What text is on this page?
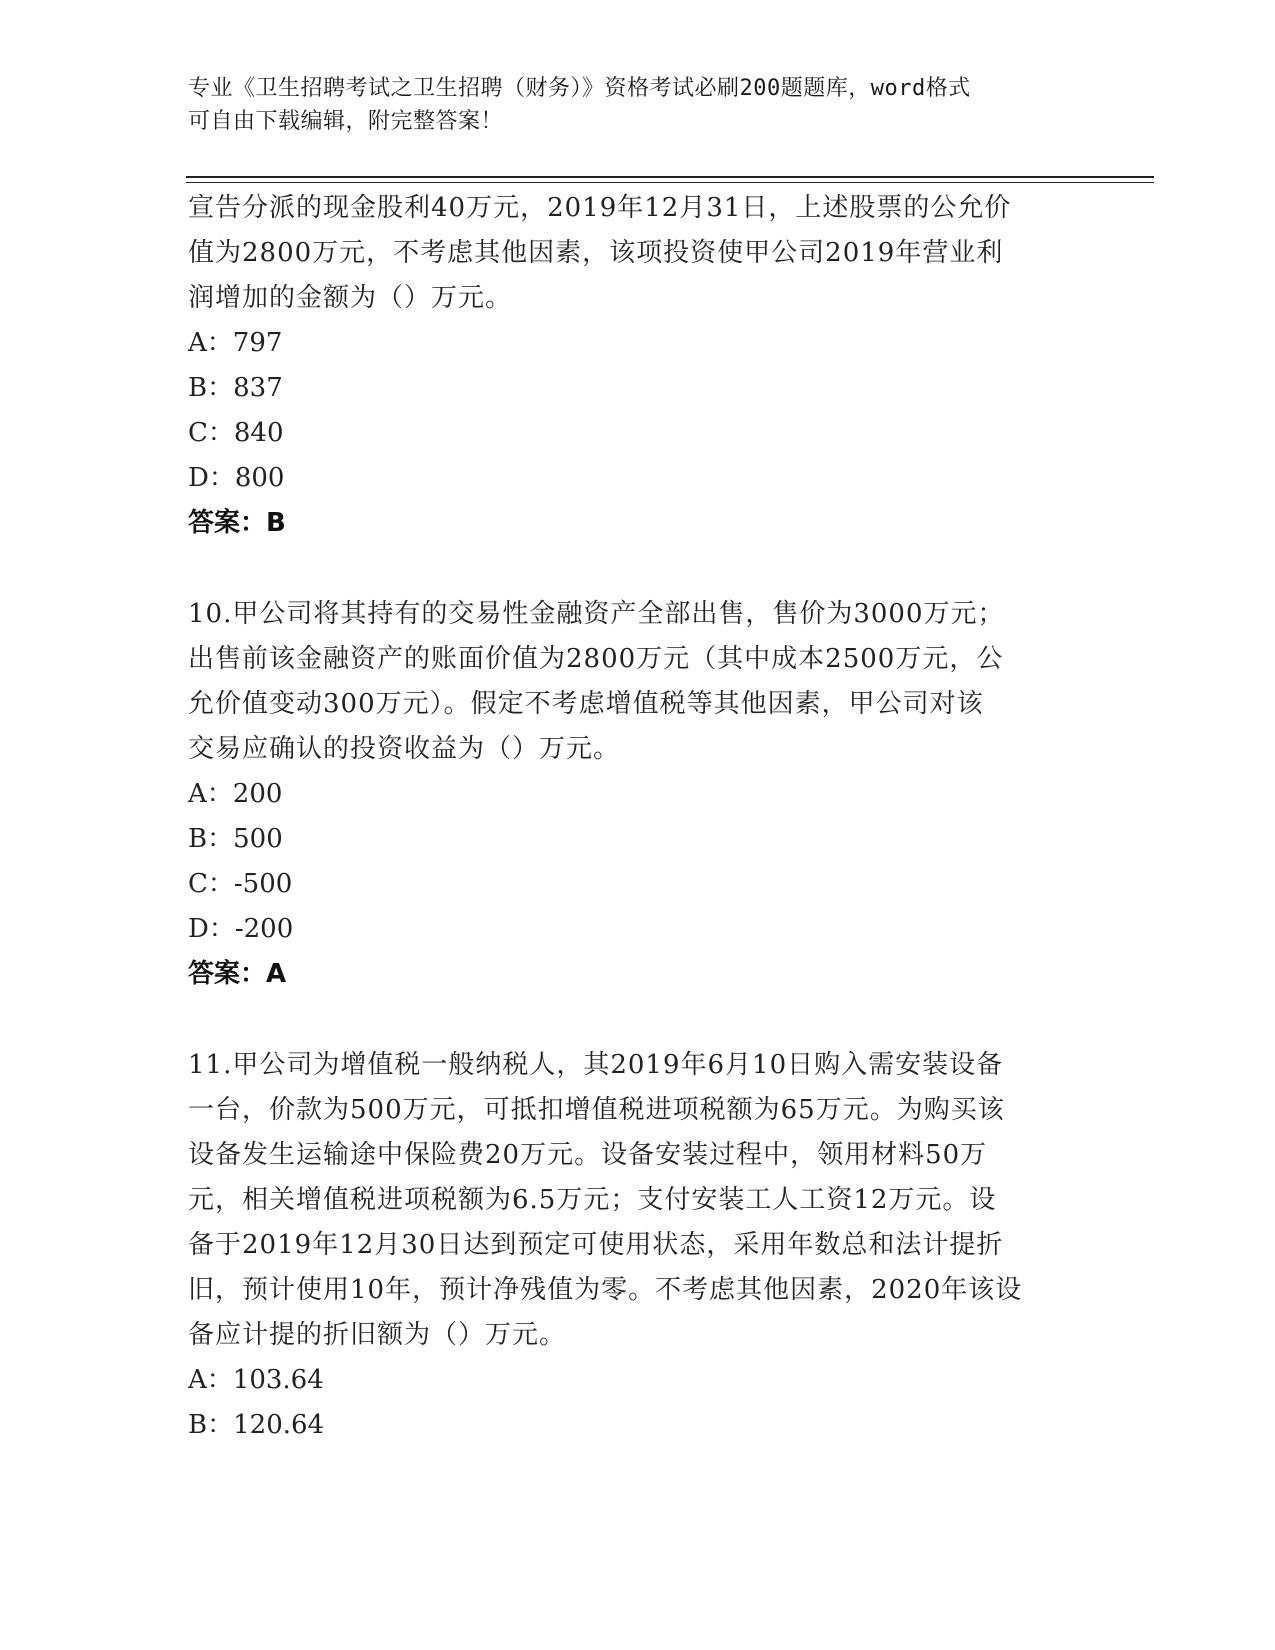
专业《卫生招聘考试之卫生招聘（财务）》资格考试必刷200题题库，word格式
可自由下载编辑，附完整答案！
宣告分派的现金股利40万元，2019年12月31日，上述股票的公允价
值为2800万元，不考虑其他因素，该项投资使甲公司2019年营业利
润增加的金额为（）万元。
A：797
B：837
C：840
D：800
答案：B
10.甲公司将其持有的交易性金融资产全部出售，售价为3000万元；
出售前该金融资产的账面价值为2800万元（其中成本2500万元，公
允价值变动300万元）。假定不考虑增值税等其他因素，甲公司对该
交易应确认的投资收益为（）万元。
A：200
B：500
C：-500
D：-200
答案：A
11.甲公司为增值税一般纳税人，其2019年6月10日购入需安装设备
一台，价款为500万元，可抵扣增值税进项税额为65万元。为购买该
设备发生运输途中保险费20万元。设备安装过程中，领用材料50万
元，相关增值税进项税额为6.5万元；支付安装工人工资12万元。设
备于2019年12月30日达到预定可使用状态，采用年数总和法计提折
旧，预计使用10年，预计净残值为零。不考虑其他因素，2020年该设
备应计提的折旧额为（）万元。
A：103.64
B：120.64
